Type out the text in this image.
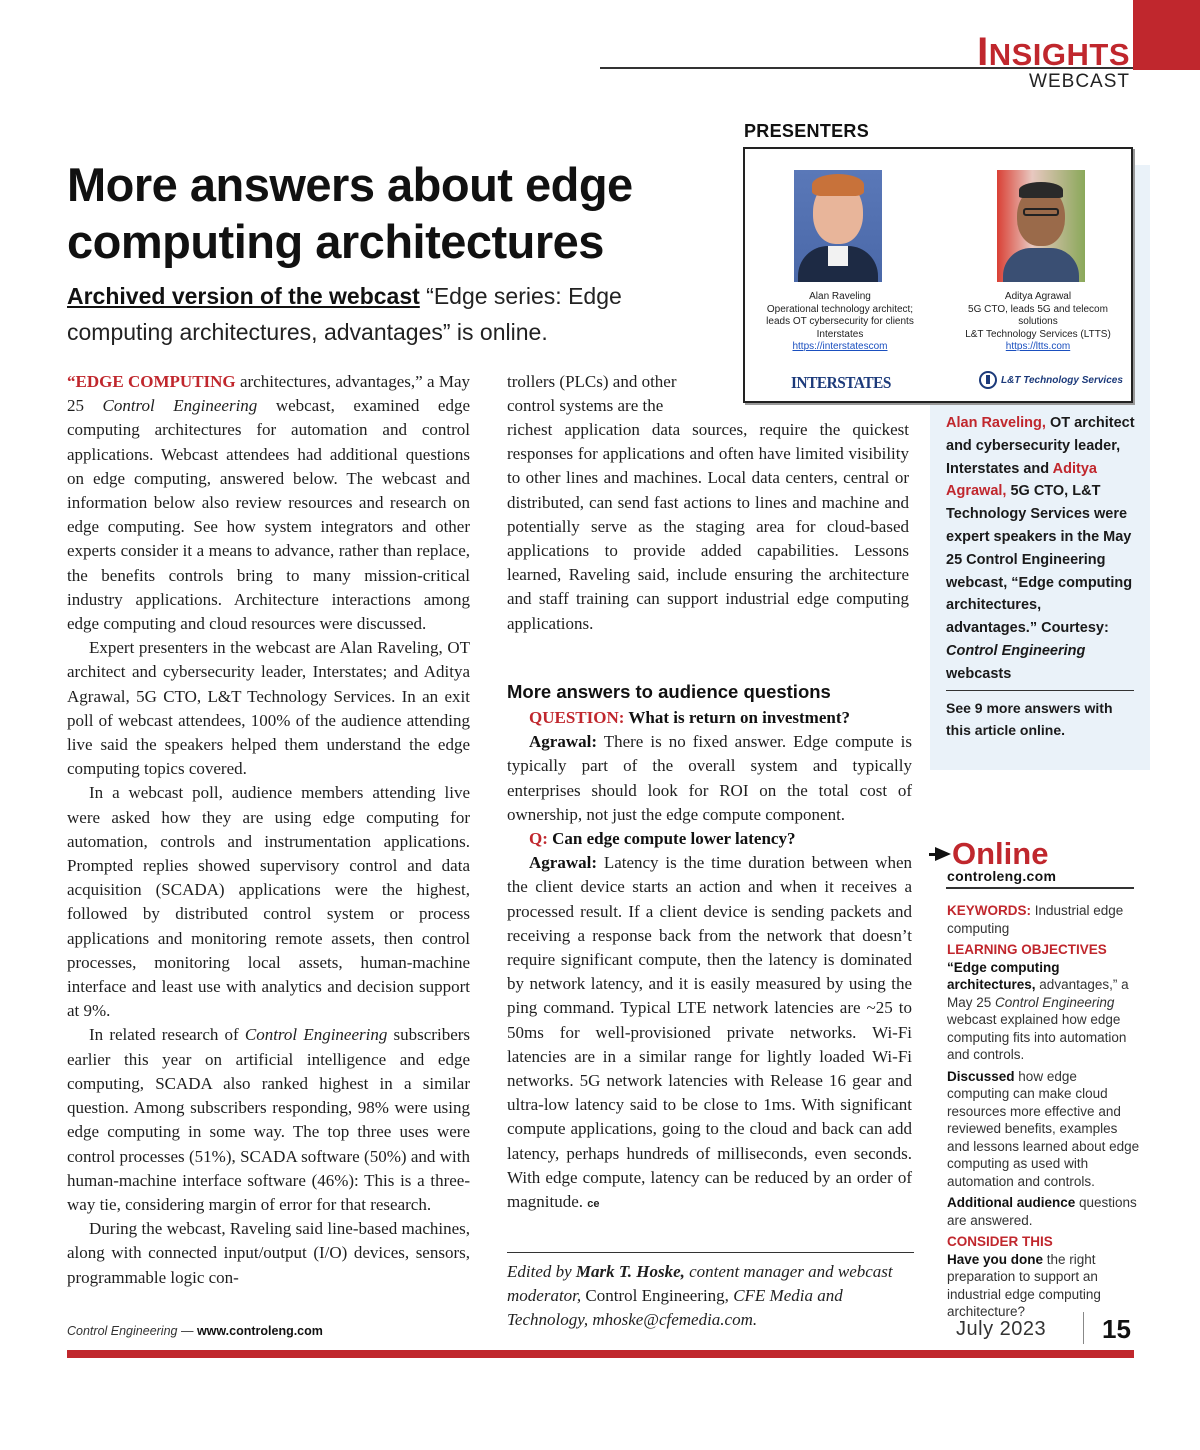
INSIGHTS
WEBCAST
More answers about edge computing architectures
Archived version of the webcast “Edge series: Edge computing architectures, advantages” is online.
PRESENTERS
Alan Raveling
Operational technology architect;
leads OT cybersecurity for clients
Interstates
https://interstatescom
Aditya Agrawal
5G CTO, leads 5G and telecom
solutions
L&T Technology Services (LTTS)
https://ltts.com
INTERSTATES	L&T Technology Services
Alan Raveling, OT architect and cybersecurity leader, Interstates and Aditya Agrawal, 5G CTO, L&T Technology Services were expert speakers in the May 25 Control Engineering webcast, “Edge computing architectures, advantages.” Courtesy: Control Engineering webcasts
See 9 more answers with this article online.

“EDGE COMPUTING architectures, advantages,” a May 25 Control Engineering webcast, examined edge computing architectures for automation and control applications. Webcast attendees had additional questions on edge computing, answered below. The webcast and information below also review resources and research on edge computing. See how system integrators and other experts consider it a means to advance, rather than replace, the benefits controls bring to many mission-critical industry applications. Architecture interactions among edge computing and cloud resources were discussed.

Expert presenters in the webcast are Alan Raveling, OT architect and cybersecurity leader, Interstates; and Aditya Agrawal, 5G CTO, L&T Technology Services. In an exit poll of webcast attendees, 100% of the audience attending live said the speakers helped them understand the edge computing topics covered.

In a webcast poll, audience members attending live were asked how they are using edge computing for automation, controls and instrumentation applications. Prompted replies showed supervisory control and data acquisition (SCADA) applications were the highest, followed by distributed control system or process applications and monitoring remote assets, then control processes, monitoring local assets, human-machine interface and least use with analytics and decision support at 9%.

In related research of Control Engineering subscribers earlier this year on artificial intelligence and edge computing, SCADA also ranked highest in a similar question. Among subscribers responding, 98% were using edge computing in some way. The top three uses were control processes (51%), SCADA software (50%) and with human-machine interface software (46%): This is a three-way tie, considering margin of error for that research.

During the webcast, Raveling said line-based machines, along with connected input/output (I/O) devices, sensors, programmable logic con-

trollers (PLCs) and other control systems are the
richest application data sources, require the quickest responses for applications and often have limited visibility to other lines and machines. Local data centers, central or distributed, can send fast actions to lines and machine and potentially serve as the staging area for cloud-based applications to provide added capabilities. Lessons learned, Raveling said, include ensuring the architecture and staff training can support industrial edge computing applications.
More answers to audience questions

QUESTION: What is return on investment?

Agrawal: There is no fixed answer. Edge compute is typically part of the overall system and typically enterprises should look for ROI on the total cost of ownership, not just the edge compute component.

Q: Can edge compute lower latency?

Agrawal: Latency is the time duration between when the client device starts an action and when it receives a processed result. If a client device is sending packets and receiving a response back from the network that doesn’t require significant compute, then the latency is dominated by network latency, and it is easily measured by using the ping command. Typical LTE network latencies are ~25 to 50ms for well-provisioned private networks. Wi-Fi latencies are in a similar range for lightly loaded Wi-Fi networks. 5G network latencies with Release 16 gear and ultra-low latency said to be close to 1ms. With significant compute applications, going to the cloud and back can add latency, perhaps hundreds of milliseconds, even seconds. With edge compute, latency can be reduced by an order of magnitude. ce

Edited by Mark T. Hoske, content manager and webcast moderator, Control Engineering, CFE Media and Technology, mhoske@cfemedia.com.
Online
controleng.com

KEYWORDS: Industrial edge computing

LEARNING OBJECTIVES

“Edge computing architectures, advantages,” a May 25 Control Engineering webcast explained how edge computing fits into automation and controls.

Discussed how edge computing can make cloud resources more effective and reviewed benefits, examples and lessons learned about edge computing as used with automation and controls.

Additional audience questions are answered.

CONSIDER THIS

Have you done the right preparation to support an industrial edge computing architecture?

Control Engineering — www.controleng.com	July 2023 15
